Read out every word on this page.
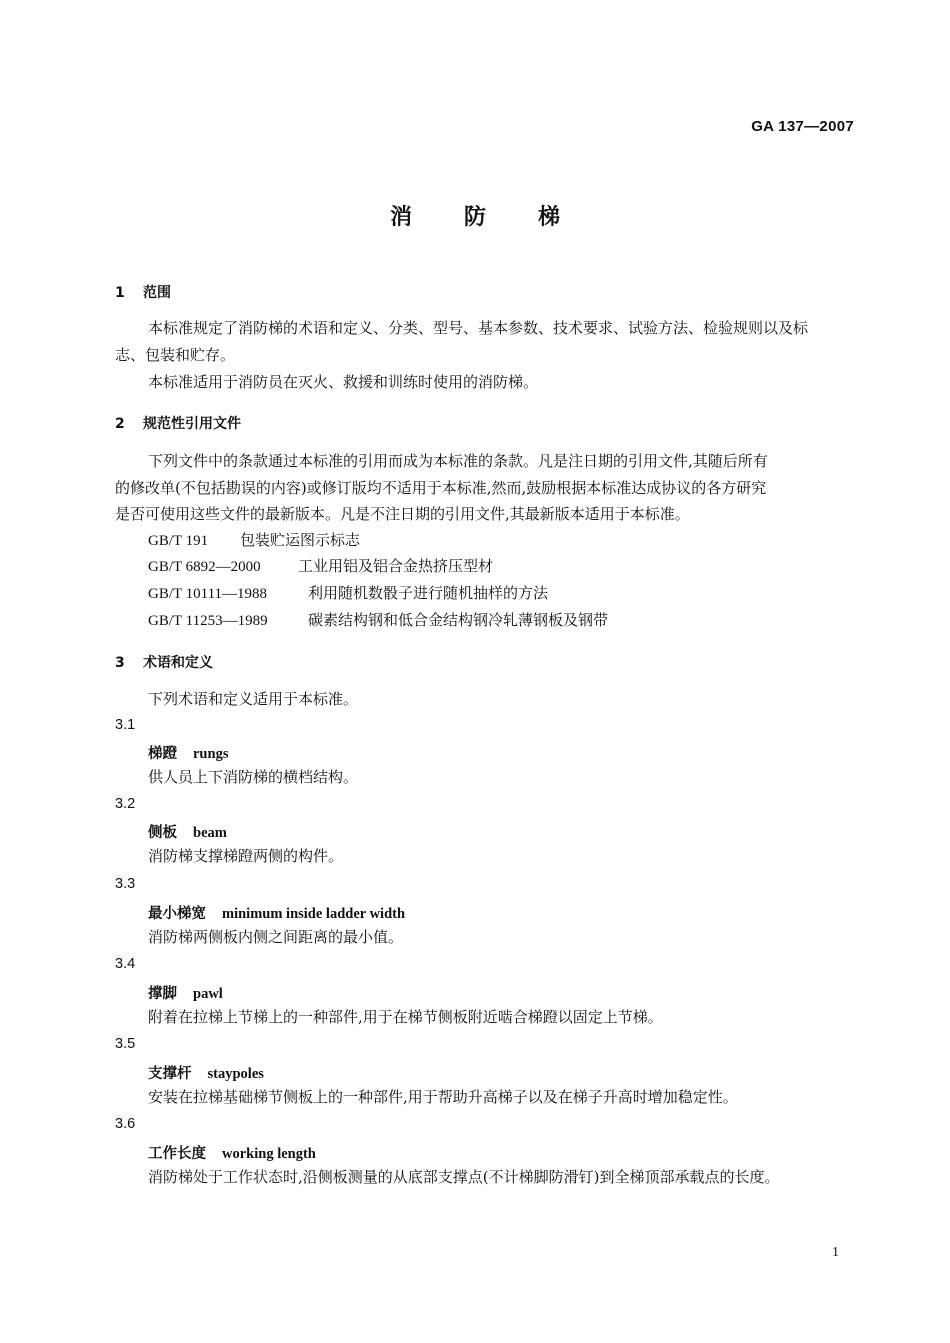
GA 137—2007
消防梯
1 范围
本标准规定了消防梯的术语和定义、分类、型号、基本参数、技术要求、试验方法、检验规则以及标
志、包装和贮存。
本标准适用于消防员在灭火、救援和训练时使用的消防梯。
2 规范性引用文件
下列文件中的条款通过本标准的引用而成为本标准的条款。凡是注日期的引用文件,其随后所有
的修改单(不包括勘误的内容)或修订版均不适用于本标准,然而,鼓励根据本标准达成协议的各方研究
是否可使用这些文件的最新版本。凡是不注日期的引用文件,其最新版本适用于本标准。
GB/T 191 包装贮运图示标志
GB/T 6892—2000 工业用铝及铝合金热挤压型材
GB/T 10111—1988	利用随机数骰子进行随机抽样的方法
GB/T 11253—1989	碳素结构钢和低合金结构钢冷轧薄钢板及钢带
3 术语和定义
下列术语和定义适用于本标准。
3.1
梯蹬 rungs
供人员上下消防梯的横档结构。
3.2
侧板 beam
消防梯支撑梯蹬两侧的构件。
3.3
最小梯宽 minimum inside ladder width
消防梯两侧板内侧之间距离的最小值。
3.4
撑脚 pawl
附着在拉梯上节梯上的一种部件,用于在梯节侧板附近啮合梯蹬以固定上节梯。
3.5
支撑杆 staypoles
安装在拉梯基础梯节侧板上的一种部件,用于帮助升高梯子以及在梯子升高时增加稳定性。
3.6
工作长度 working length
消防梯处于工作状态时,沿侧板测量的从底部支撑点(不计梯脚防滑钉)到全梯顶部承载点的长度。
1
